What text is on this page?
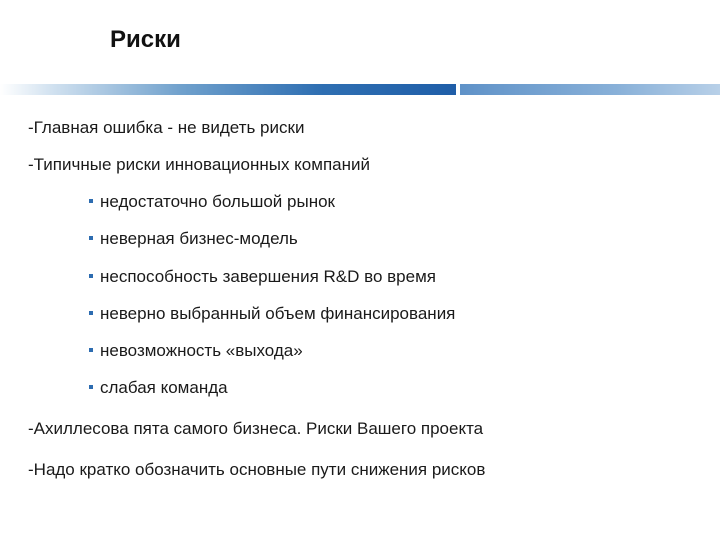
Риски
-Главная ошибка - не видеть риски
-Типичные риски инновационных компаний
недостаточно большой рынок
неверная бизнес-модель
неспособность завершения R&D во время
неверно выбранный объем финансирования
невозможность «выхода»
слабая команда
-Ахиллесова пята самого бизнеса. Риски Вашего проекта
-Надо кратко обозначить основные пути снижения рисков
